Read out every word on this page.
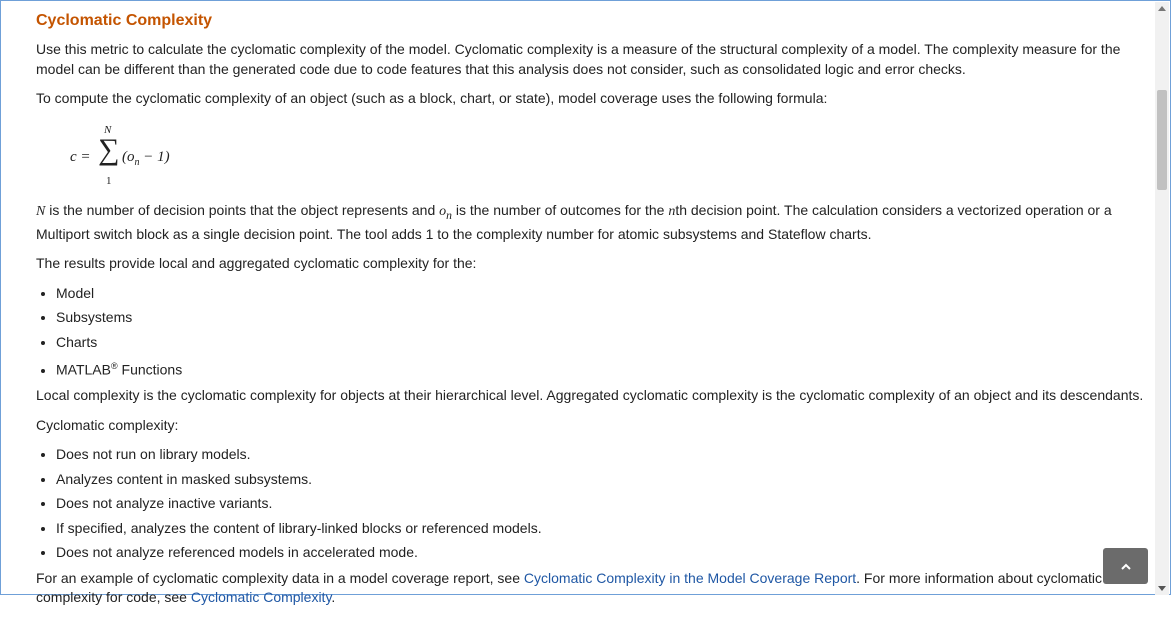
Cyclomatic Complexity

Use this metric to calculate the cyclomatic complexity of the model. Cyclomatic complexity is a measure of the structural complexity of a model. The complexity measure for the model can be different than the generated code due to code features that this analysis does not consider, such as consolidated logic and error checks.

To compute the cyclomatic complexity of an object (such as a block, chart, or state), model coverage uses the following formula:

c =
N
∑
1
$(o_n - 1)$

N is the number of decision points that the object represents and $o_n$ is the number of outcomes for the nth decision point. The calculation considers a vectorized operation or a Multiport switch block as a single decision point. The tool adds 1 to the complexity number for atomic subsystems and Stateflow charts.

The results provide local and aggregated cyclomatic complexity for the:

• Model
• Subsystems
• Charts
• MATLAB® Functions

Local complexity is the cyclomatic complexity for objects at their hierarchical level. Aggregated cyclomatic complexity is the cyclomatic complexity of an object and its descendants.

Cyclomatic complexity:

• Does not run on library models.
• Analyzes content in masked subsystems.
• Does not analyze inactive variants.
• If specified, analyzes the content of library-linked blocks or referenced models.
• Does not analyze referenced models in accelerated mode.

For an example of cyclomatic complexity data in a model coverage report, see Cyclomatic Complexity in the Model Coverage Report. For more information about cyclomatic complexity for code, see Cyclomatic Complexity.
